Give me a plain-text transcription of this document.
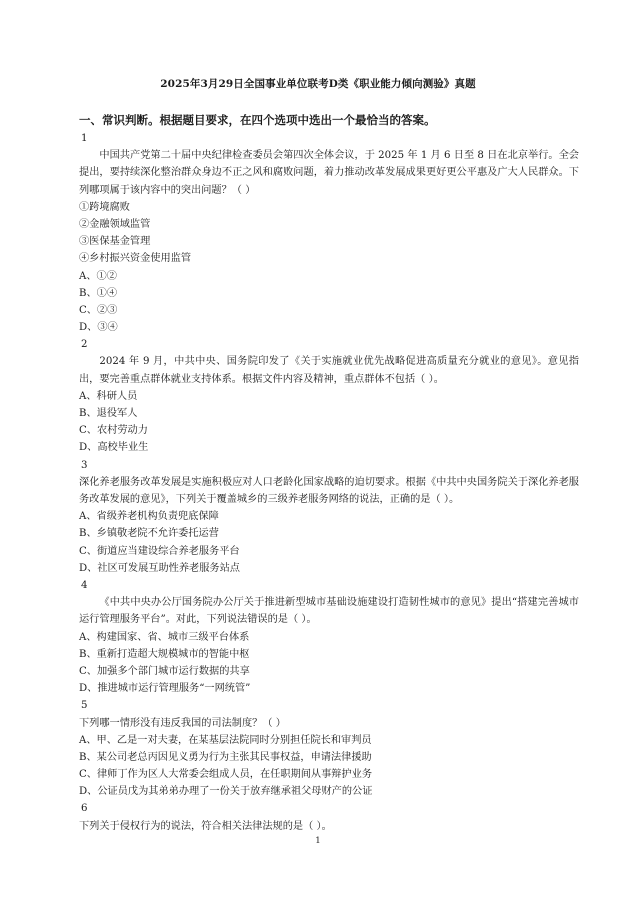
2025年3月29日全国事业单位联考D类《职业能力倾向测验》真题
一、常识判断。根据题目要求，在四个选项中选出一个最恰当的答案。
1
中国共产党第二十届中央纪律检查委员会第四次全体会议，于 2025 年 1 月 6 日至 8 日在北京举行。全会提出，要持续深化整治群众身边不正之风和腐败问题，着力推动改革发展成果更好更公平惠及广大人民群众。下列哪项属于该内容中的突出问题？（ ）
①跨境腐败
②金融领域监管
③医保基金管理
④乡村振兴资金使用监管
A、①②
B、①④
C、②③
D、③④
2
2024 年 9 月，中共中央、国务院印发了《关于实施就业优先战略促进高质量充分就业的意见》。意见指出，要完善重点群体就业支持体系。根据文件内容及精神，重点群体不包括（ ）。
A、科研人员
B、退役军人
C、农村劳动力
D、高校毕业生
3
深化养老服务改革发展是实施积极应对人口老龄化国家战略的迫切要求。根据《中共中央国务院关于深化养老服务改革发展的意见》，下列关于覆盖城乡的三级养老服务网络的说法，正确的是（ ）。
A、省级养老机构负责兜底保障
B、乡镇敬老院不允许委托运营
C、街道应当建设综合养老服务平台
D、社区可发展互助性养老服务站点
4
《中共中央办公厅国务院办公厅关于推进新型城市基础设施建设打造韧性城市的意见》提出“搭建完善城市运行管理服务平台”。对此，下列说法错误的是（ ）。
A、构建国家、省、城市三级平台体系
B、重新打造超大规模城市的智能中枢
C、加强多个部门城市运行数据的共享
D、推进城市运行管理服务“一网统管”
5
下列哪一情形没有违反我国的司法制度？（ ）
A、甲、乙是一对夫妻，在某基层法院同时分别担任院长和审判员
B、某公司老总丙因见义勇为行为主张其民事权益，申请法律援助
C、律师丁作为区人大常委会组成人员，在任职期间从事辩护业务
D、公证员戊为其弟弟办理了一份关于放弃继承祖父母财产的公证
6
下列关于侵权行为的说法，符合相关法律法规的是（ ）。
1
